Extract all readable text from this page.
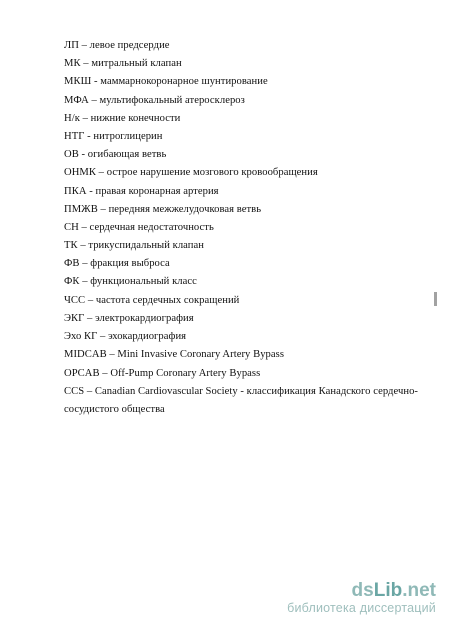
ЛП – левое предсердие
МК – митральный клапан
МКШ - маммарнокоронарное шунтирование
МФА – мультифокальный атеросклероз
Н/к – нижние конечности
НТГ - нитроглицерин
ОВ - огибающая ветвь
ОНМК – острое нарушение мозгового кровообращения
ПКА - правая коронарная артерия
ПМЖВ – передняя межжелудочковая ветвь
СН – сердечная недостаточность
ТК – трикуспидальный клапан
ФВ – фракция выброса
ФК – функциональный класс
ЧСС – частота сердечных сокращений
ЭКГ – электрокардиография
Эхо КГ – эхокардиография
MIDCAB – Mini Invasive Coronary Artery Bypass
OPCAB – Off-Pump Coronary Artery Bypass
CCS – Canadian Cardiovascular Society - классификация Канадского сердечно-сосудистого общества
dsLib.net
библиотека диссертаций
